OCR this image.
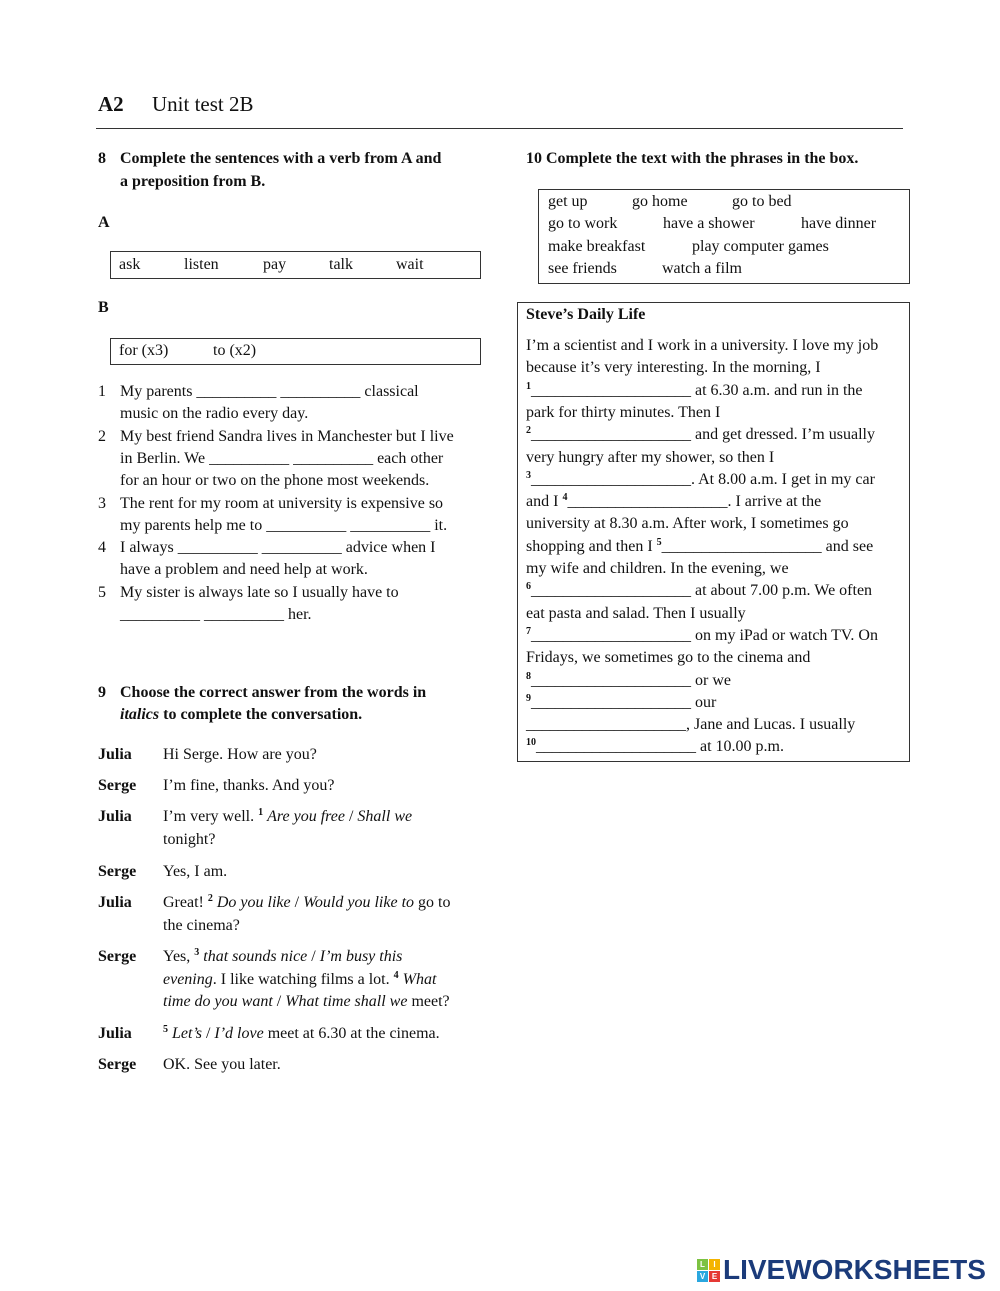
A2 Unit test 2B
8 Complete the sentences with a verb from A and
a preposition from B.
A
ask	listen	pay	talk	wait
B
for (x3)	to (x2)
9 Choose the correct answer from the words in
italics to complete the conversation.
10 Complete the text with the phrases in the box.
get up	go home	go to bed
go to work	have a shower	have dinner
make breakfast	play computer games
see friends	watch a film
Steve’s Daily Life
I’m a scientist and I work in a university. I love my job
because it’s very interesting. In the morning, I
$^1$____________________ at 6.30 a.m. and run in the
park for thirty minutes. Then I
$^2$____________________ and get dressed. I’m usually
very hungry after my shower, so then I
$^3$____________________. At 8.00 a.m. I get in my car
and I $^4$____________________. I arrive at the
university at 8.30 a.m. After work, I sometimes go
shopping and then I $^5$____________________ and see
my wife and children. In the evening, we
$^6$____________________ at about 7.00 p.m. We often
eat pasta and salad. Then I usually
$^7$____________________ on my iPad or watch TV. On
Fridays, we sometimes go to the cinema and
$^8$____________________ or we
$^9$____________________ our
____________________, Jane and Lucas. I usually
$^{10}$____________________ at 10.00 p.m.
L	I
V E LIVEWORKSHEETS
1 My parents __________ __________ classical
music on the radio every day.
2 My best friend Sandra lives in Manchester but I live
in Berlin. We __________ __________ each other
for an hour or two on the phone most weekends.
3 The rent for my room at university is expensive so
my parents help me to __________ __________ it.
4 I always __________ __________ advice when I
have a problem and need help at work.
5 My sister is always late so I usually have to
__________ __________ her.
Julia Hi Serge. How are you?
Serge I’m fine, thanks. And you?
Julia I’m very well. $^1$ Are you free / Shall we
tonight?
Serge Yes, I am.
Julia Great! $^2$ Do you like / Would you like to go to
the cinema?
Serge Yes, $^3$ that sounds nice / I’m busy this
evening. I like watching films a lot. $^4$ What
time do you want / What time shall we meet?
Julia	$^5$ Let’s / I’d love meet at 6.30 at the cinema.
Serge OK. See you later.
